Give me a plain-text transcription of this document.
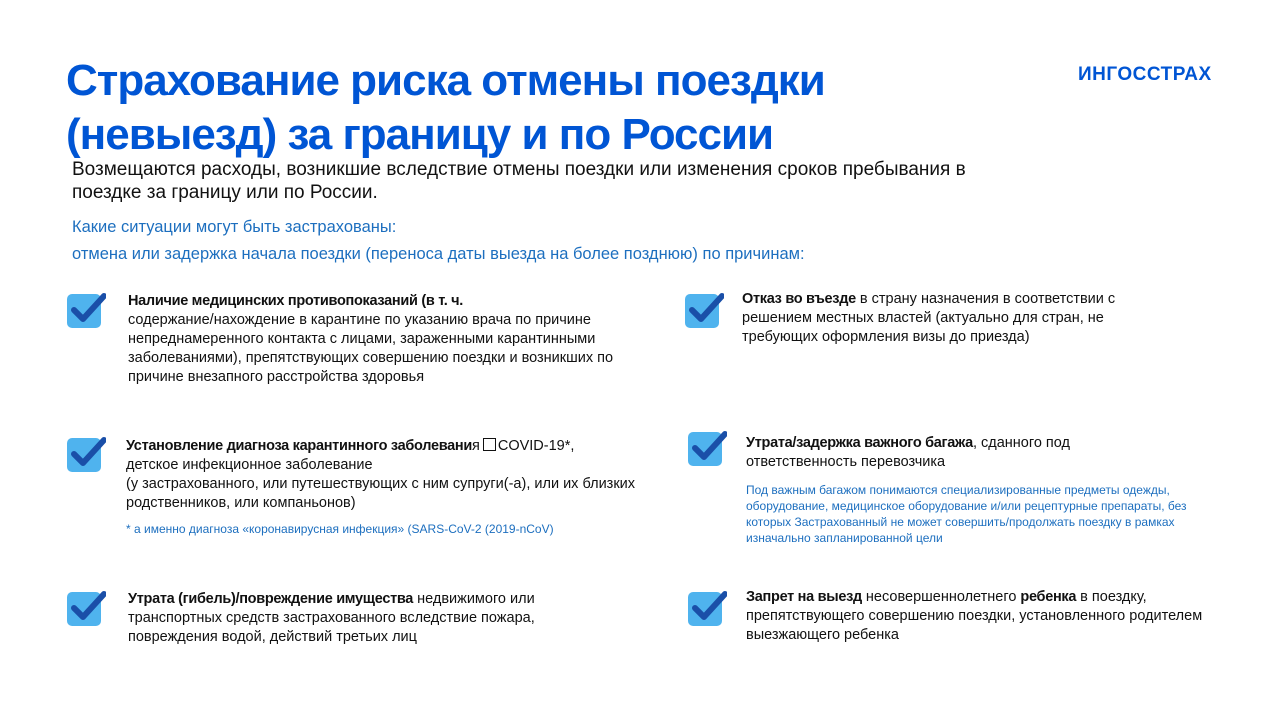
Страхование риска отмены поездки (невыезд) за границу и по России
ИНГОССТРАХ
Возмещаются расходы, возникшие вследствие отмены поездки или изменения сроков пребывания в поездке за границу или по России.
Какие ситуации могут быть застрахованы:
отмена или задержка начала поездки (переноса даты выезда на более позднюю) по причинам:
Наличие медицинских противопоказаний (в т. ч.
содержание/нахождение в карантине по указанию врача по причине непреднамеренного контакта с лицами, зараженными карантинными заболеваниями), препятствующих совершению поездки и возникших по причине внезапного расстройства здоровья
Отказ во въезде в страну назначения в соответствии с решением местных властей (актуально для стран, не требующих оформления визы до приезда)
Установление диагноза карантинного заболевания COVID-19*,
детское инфекционное заболевание
(у застрахованного, или путешествующих с ним супруги(-а), или их близких родственников, или компаньонов)
* а именно диагноза «коронавирусная инфекция» (SARS-CoV-2 (2019-nCoV)
Утрата/задержка важного багажа, сданного под ответственность перевозчика
Под важным багажом понимаются специализированные предметы одежды, оборудование, медицинское оборудование и/или рецептурные препараты, без которых Застрахованный не может совершить/продолжать поездку в рамках изначально запланированной цели
Утрата (гибель)/повреждение имущества недвижимого или транспортных средств застрахованного вследствие пожара, повреждения водой, действий третьих лиц
Запрет на выезд несовершеннолетнего ребенка в поездку, препятствующего совершению поездки, установленного родителем выезжающего ребенка
